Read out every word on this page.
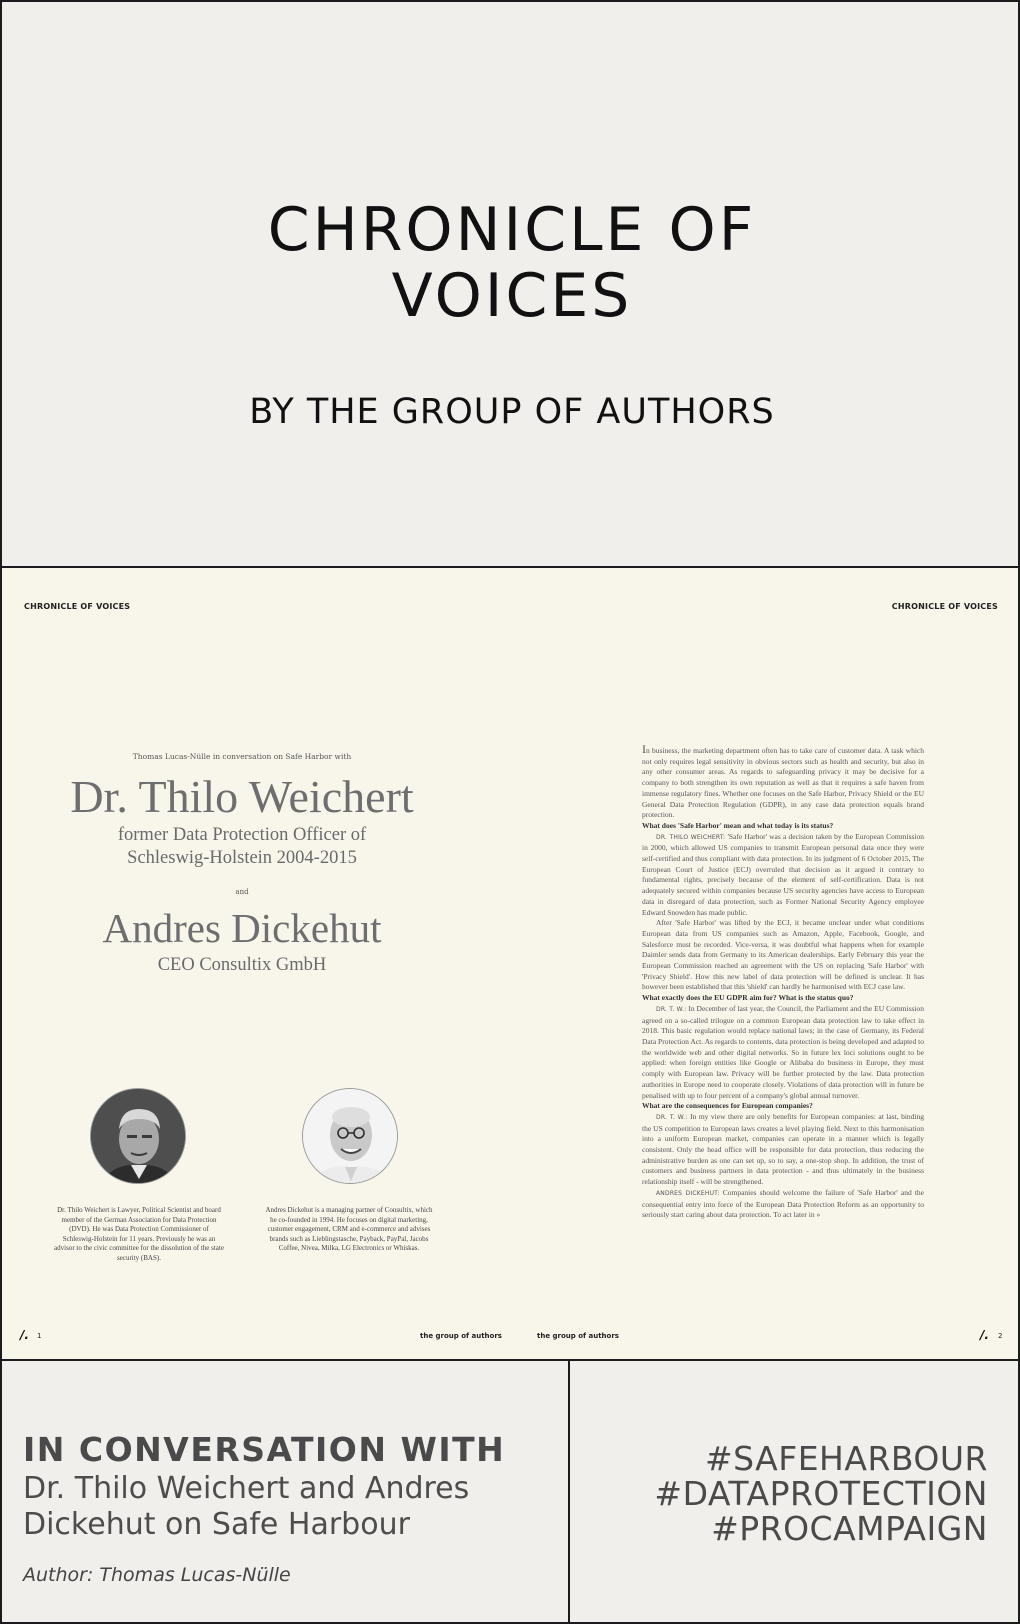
CHRONICLE OF
VOICES
BY THE GROUP OF AUTHORS
CHRONICLE OF VOICES	CHRONICLE OF VOICES
Thomas Lucas-Nülle in conversation on Safe Harbor with
Dr. Thilo Weichert
former Data Protection Officer of
Schleswig-Holstein 2004-2015
and
Andres Dickehut
CEO Consultix GmbH

Dr. Thilo Weichert is Lawyer, Political Scientist and board member of the German Association for Data Protection (DVD). He was Data Protection Commissioner of Schleswig-Holstein for 11 years. Previously he was an advisor to the civic committee for the dissolution of the state security (BAS).

Andres Dickehut is a managing partner of Consultix, which he co-founded in 1994. He focuses on digital marketing, customer engagement, CRM and e-commerce and advises brands such as Lieblingstasche, Payback, PayPal, Jacobs Coffee, Nivea, Milka, LG Electronics or Whiskas.

In business, the marketing department often has to take care of customer data. A task which not only requires legal sensitivity in obvious sectors such as health and security, but also in any other consumer areas. As regards to safeguarding privacy it may be decisive for a company to both strengthen its own reputation as well as that it requires a safe haven from immense regulatory fines. Whether one focuses on the Safe Harbor, Privacy Shield or the EU General Data Protection Regulation (GDPR), in any case data protection equals brand protection.

What does 'Safe Harbor' mean and what today is its status?

DR. THILO WEICHERT: 'Safe Harbor' was a decision taken by the European Commission in 2000, which allowed US companies to transmit European personal data once they were self-certified and thus compliant with data protection. In its judgment of 6 October 2015, The European Court of Justice (ECJ) overruled that decision as it argued it contrary to fundamental rights, precisely because of the element of self-certification. Data is not adequately secured within companies because US security agencies have access to European data in disregard of data protection, such as Former National Security Agency employee Edward Snowden has made public.

After 'Safe Harbor' was lifted by the ECJ, it became unclear under what conditions European data from US companies such as Amazon, Apple, Facebook, Google, and Salesforce must be recorded. Vice-versa, it was doubtful what happens when for example Daimler sends data from Germany to its American dealerships. Early February this year the European Commission reached an agreement with the US on replacing 'Safe Harbor' with 'Privacy Shield'. How this new label of data protection will be defined is unclear. It has however been established that this 'shield' can hardly be harmonised with ECJ case law.

What exactly does the EU GDPR aim for? What is the status quo?

DR. T. W.: In December of last year, the Council, the Parliament and the EU Commission agreed on a so-called trilogue on a common European data protection law to take effect in 2018. This basic regulation would replace national laws; in the case of Germany, its Federal Data Protection Act. As regards to contents, data protection is being developed and adapted to the worldwide web and other digital networks. So in future lex loci solutions ought to be applied: when foreign entities like Google or Alibaba do business in Europe, they must comply with European law. Privacy will be further protected by the law. Data protection authorities in Europe need to cooperate closely. Violations of data protection will in future be penalised with up to four percent of a company's global annual turnover.

What are the consequences for European companies?

DR. T. W.: In my view there are only benefits for European companies: at last, binding the US competition to European laws creates a level playing field. Next to this harmonisation into a uniform European market, companies can operate in a manner which is legally consistent. Only the head office will be responsible for data protection, thus reducing the administrative burden as one can set up, so to say, a one-stop shop. In addition, the trust of customers and business partners in data protection - and thus ultimately in the business relationship itself - will be strengthened.

ANDRES DICKEHUT: Companies should welcome the failure of 'Safe Harbor' and the consequential entry into force of the European Data Protection Reform as an opportunity to seriously start caring about data protection. To act later in »

/. 1	the group of authors	the group of authors	/. 2
IN CONVERSATION WITH
Dr. Thilo Weichert and Andres Dickehut on Safe Harbour
Author: Thomas Lucas-Nülle
#SAFEHARBOUR
#DATAPROTECTION
#PROCAMPAIGN
